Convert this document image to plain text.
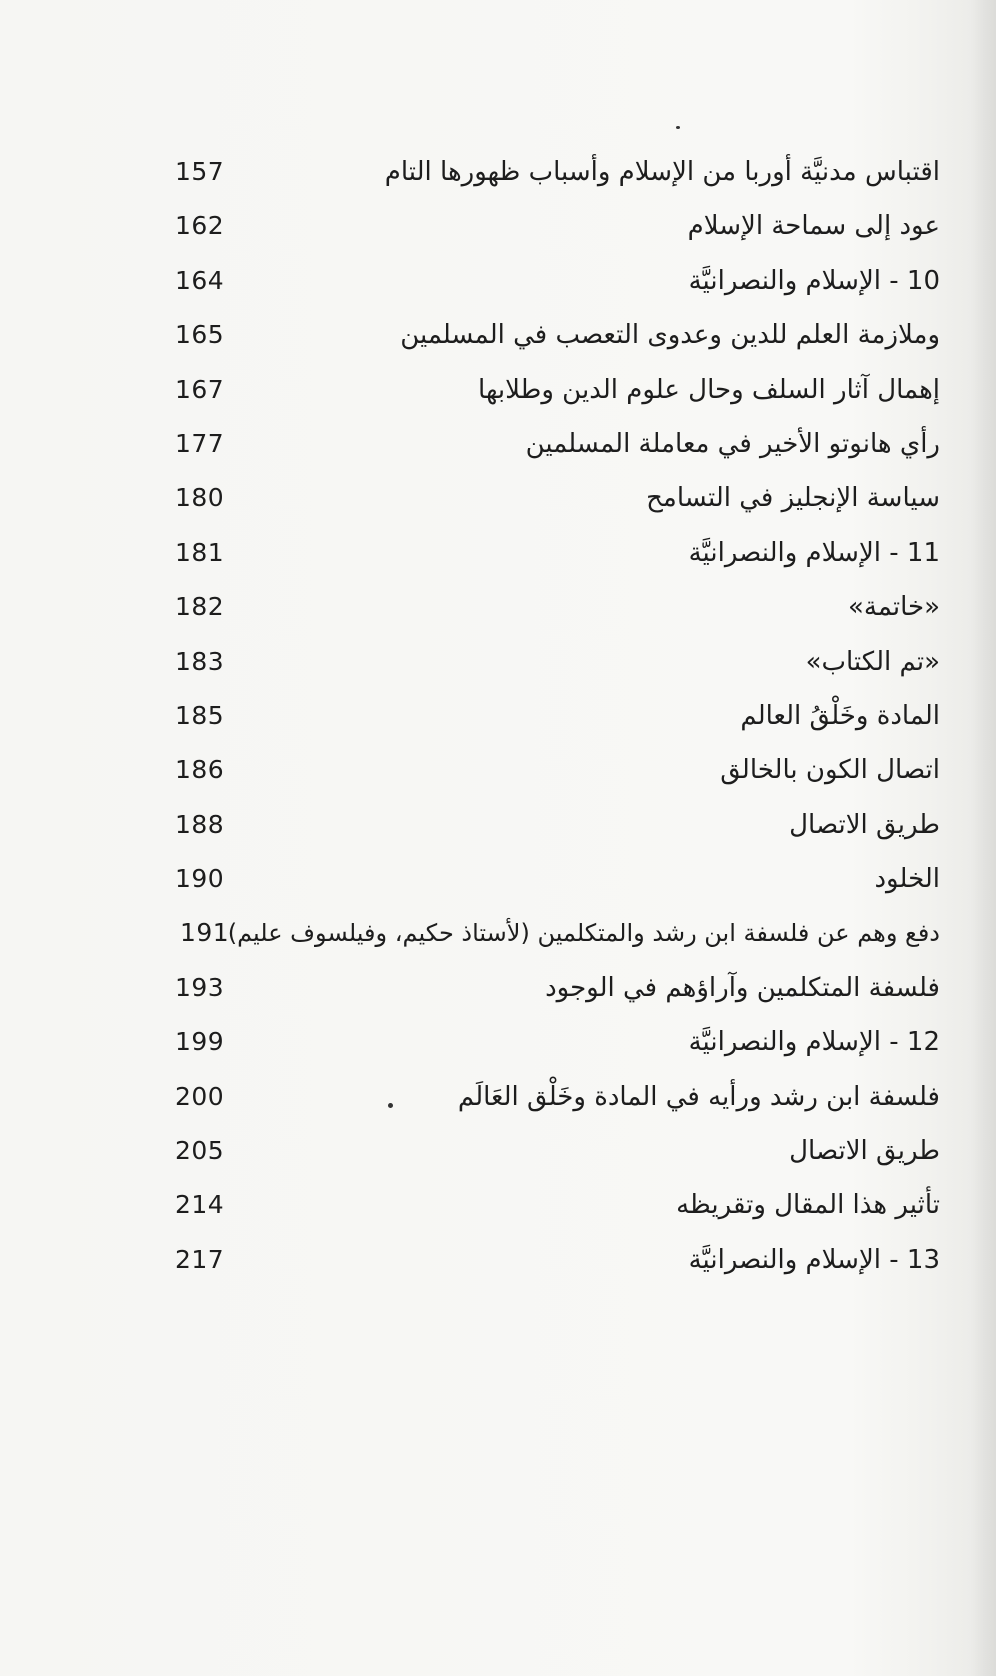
اقتباس مدنيَّة أوربا من الإسلام وأسباب ظهورها التام
157
عود إلى سماحة الإسلام
162
10 - الإسلام والنصرانيَّة
164
وملازمة العلم للدين وعدوى التعصب في المسلمين
165
إهمال آثار السلف وحال علوم الدين وطلابها
167
رأي هانوتو الأخير في معاملة المسلمين
177
سياسة الإنجليز في التسامح
180
11 - الإسلام والنصرانيَّة
181
«خاتمة»
182
«تم الكتاب»
183
المادة وخَلْقُ العالم
185
اتصال الكون بالخالق
186
طريق الاتصال
188
الخلود
190
دفع وهم عن فلسفة ابن رشد والمتكلمين (لأستاذ حكيم، وفيلسوف عليم)
191
فلسفة المتكلمين وآراؤهم في الوجود
193
12 - الإسلام والنصرانيَّة
199
فلسفة ابن رشد ورأيه في المادة وخَلْق العَالَم
200
طريق الاتصال
205
تأثير هذا المقال وتقريظه
214
13 - الإسلام والنصرانيَّة
217
